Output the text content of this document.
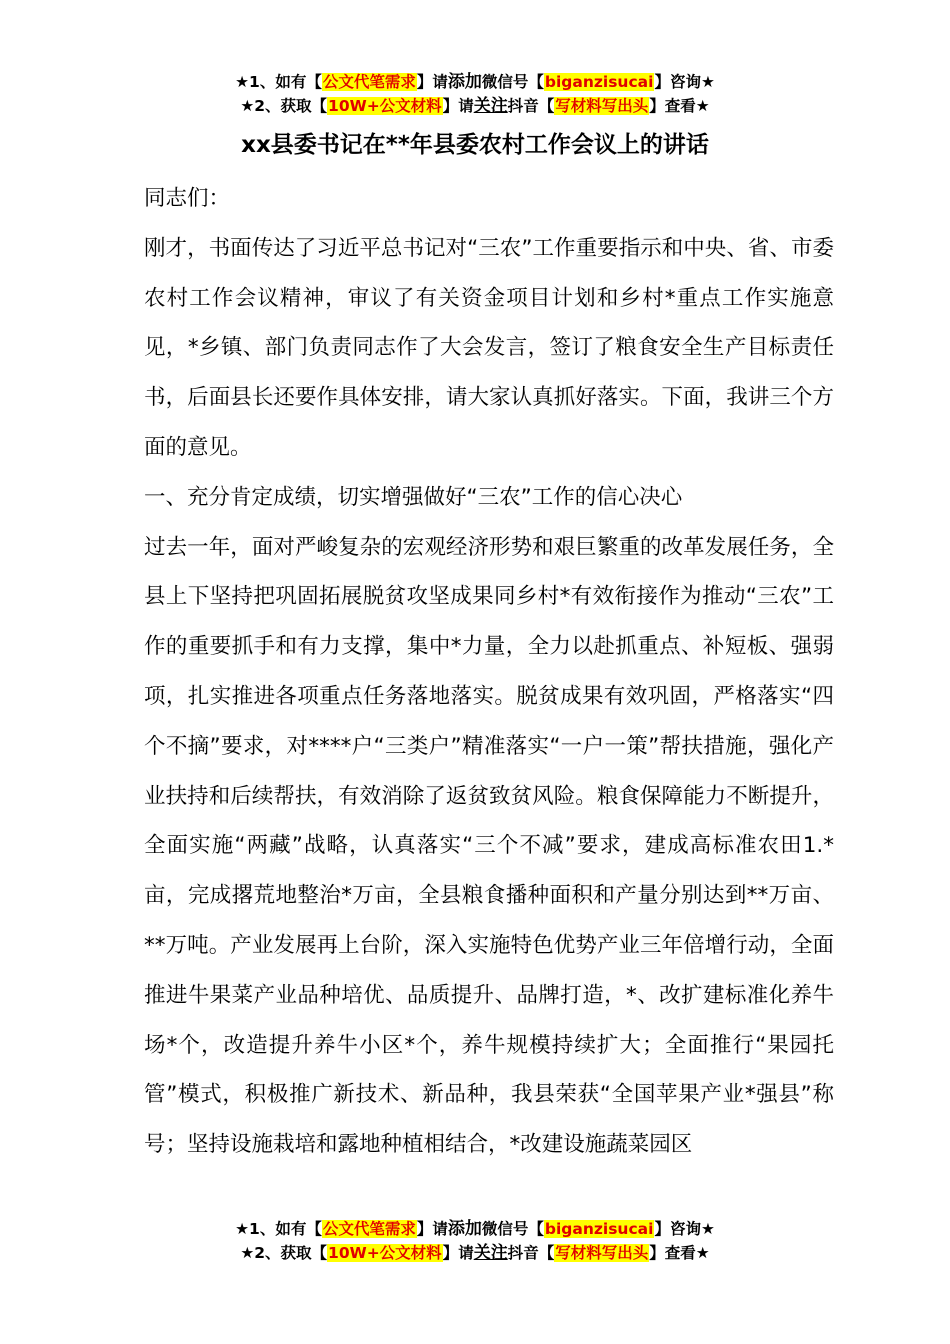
★1、如有【公文代笔需求】请添加微信号【biganzisucai】咨询★
★2、获取【10W+公文材料】请关注抖音【写材料写出头】查看★
xx县委书记在**年县委农村工作会议上的讲话

同志们：

刚才，书面传达了习近平总书记对“三农”工作重要指示和中央、省、市委农村工作会议精神，审议了有关资金项目计划和乡村*重点工作实施意见，*乡镇、部门负责同志作了大会发言，签订了粮食安全生产目标责任书，后面县长还要作具体安排，请大家认真抓好落实。下面，我讲三个方面的意见。

一、充分肯定成绩，切实增强做好“三农”工作的信心决心

过去一年，面对严峻复杂的宏观经济形势和艰巨繁重的改革发展任务，全县上下坚持把巩固拓展脱贫攻坚成果同乡村*有效衔接作为推动“三农”工作的重要抓手和有力支撑，集中*力量，全力以赴抓重点、补短板、强弱项，扎实推进各项重点任务落地落实。脱贫成果有效巩固，严格落实“四个不摘”要求，对****户“三类户”精准落实“一户一策”帮扶措施，强化产业扶持和后续帮扶，有效消除了返贫致贫风险。粮食保障能力不断提升，全面实施“两藏”战略，认真落实“三个不减”要求，建成高标准农田1.*亩，完成撂荒地整治*万亩，全县粮食播种面积和产量分别达到**万亩、**万吨。产业发展再上台阶，深入实施特色优势产业三年倍增行动，全面推进牛果菜产业品种培优、品质提升、品牌打造，*、改扩建标准化养牛场*个，改造提升养牛小区*个，养牛规模持续扩大；全面推行“果园托管”模式，积极推广新技术、新品种，我县荣获“全国苹果产业*强县”称号；坚持设施栽培和露地种植相结合，*改建设施蔬菜园区

★1、如有【公文代笔需求】请添加微信号【biganzisucai】咨询★
★2、获取【10W+公文材料】请关注抖音【写材料写出头】查看★
